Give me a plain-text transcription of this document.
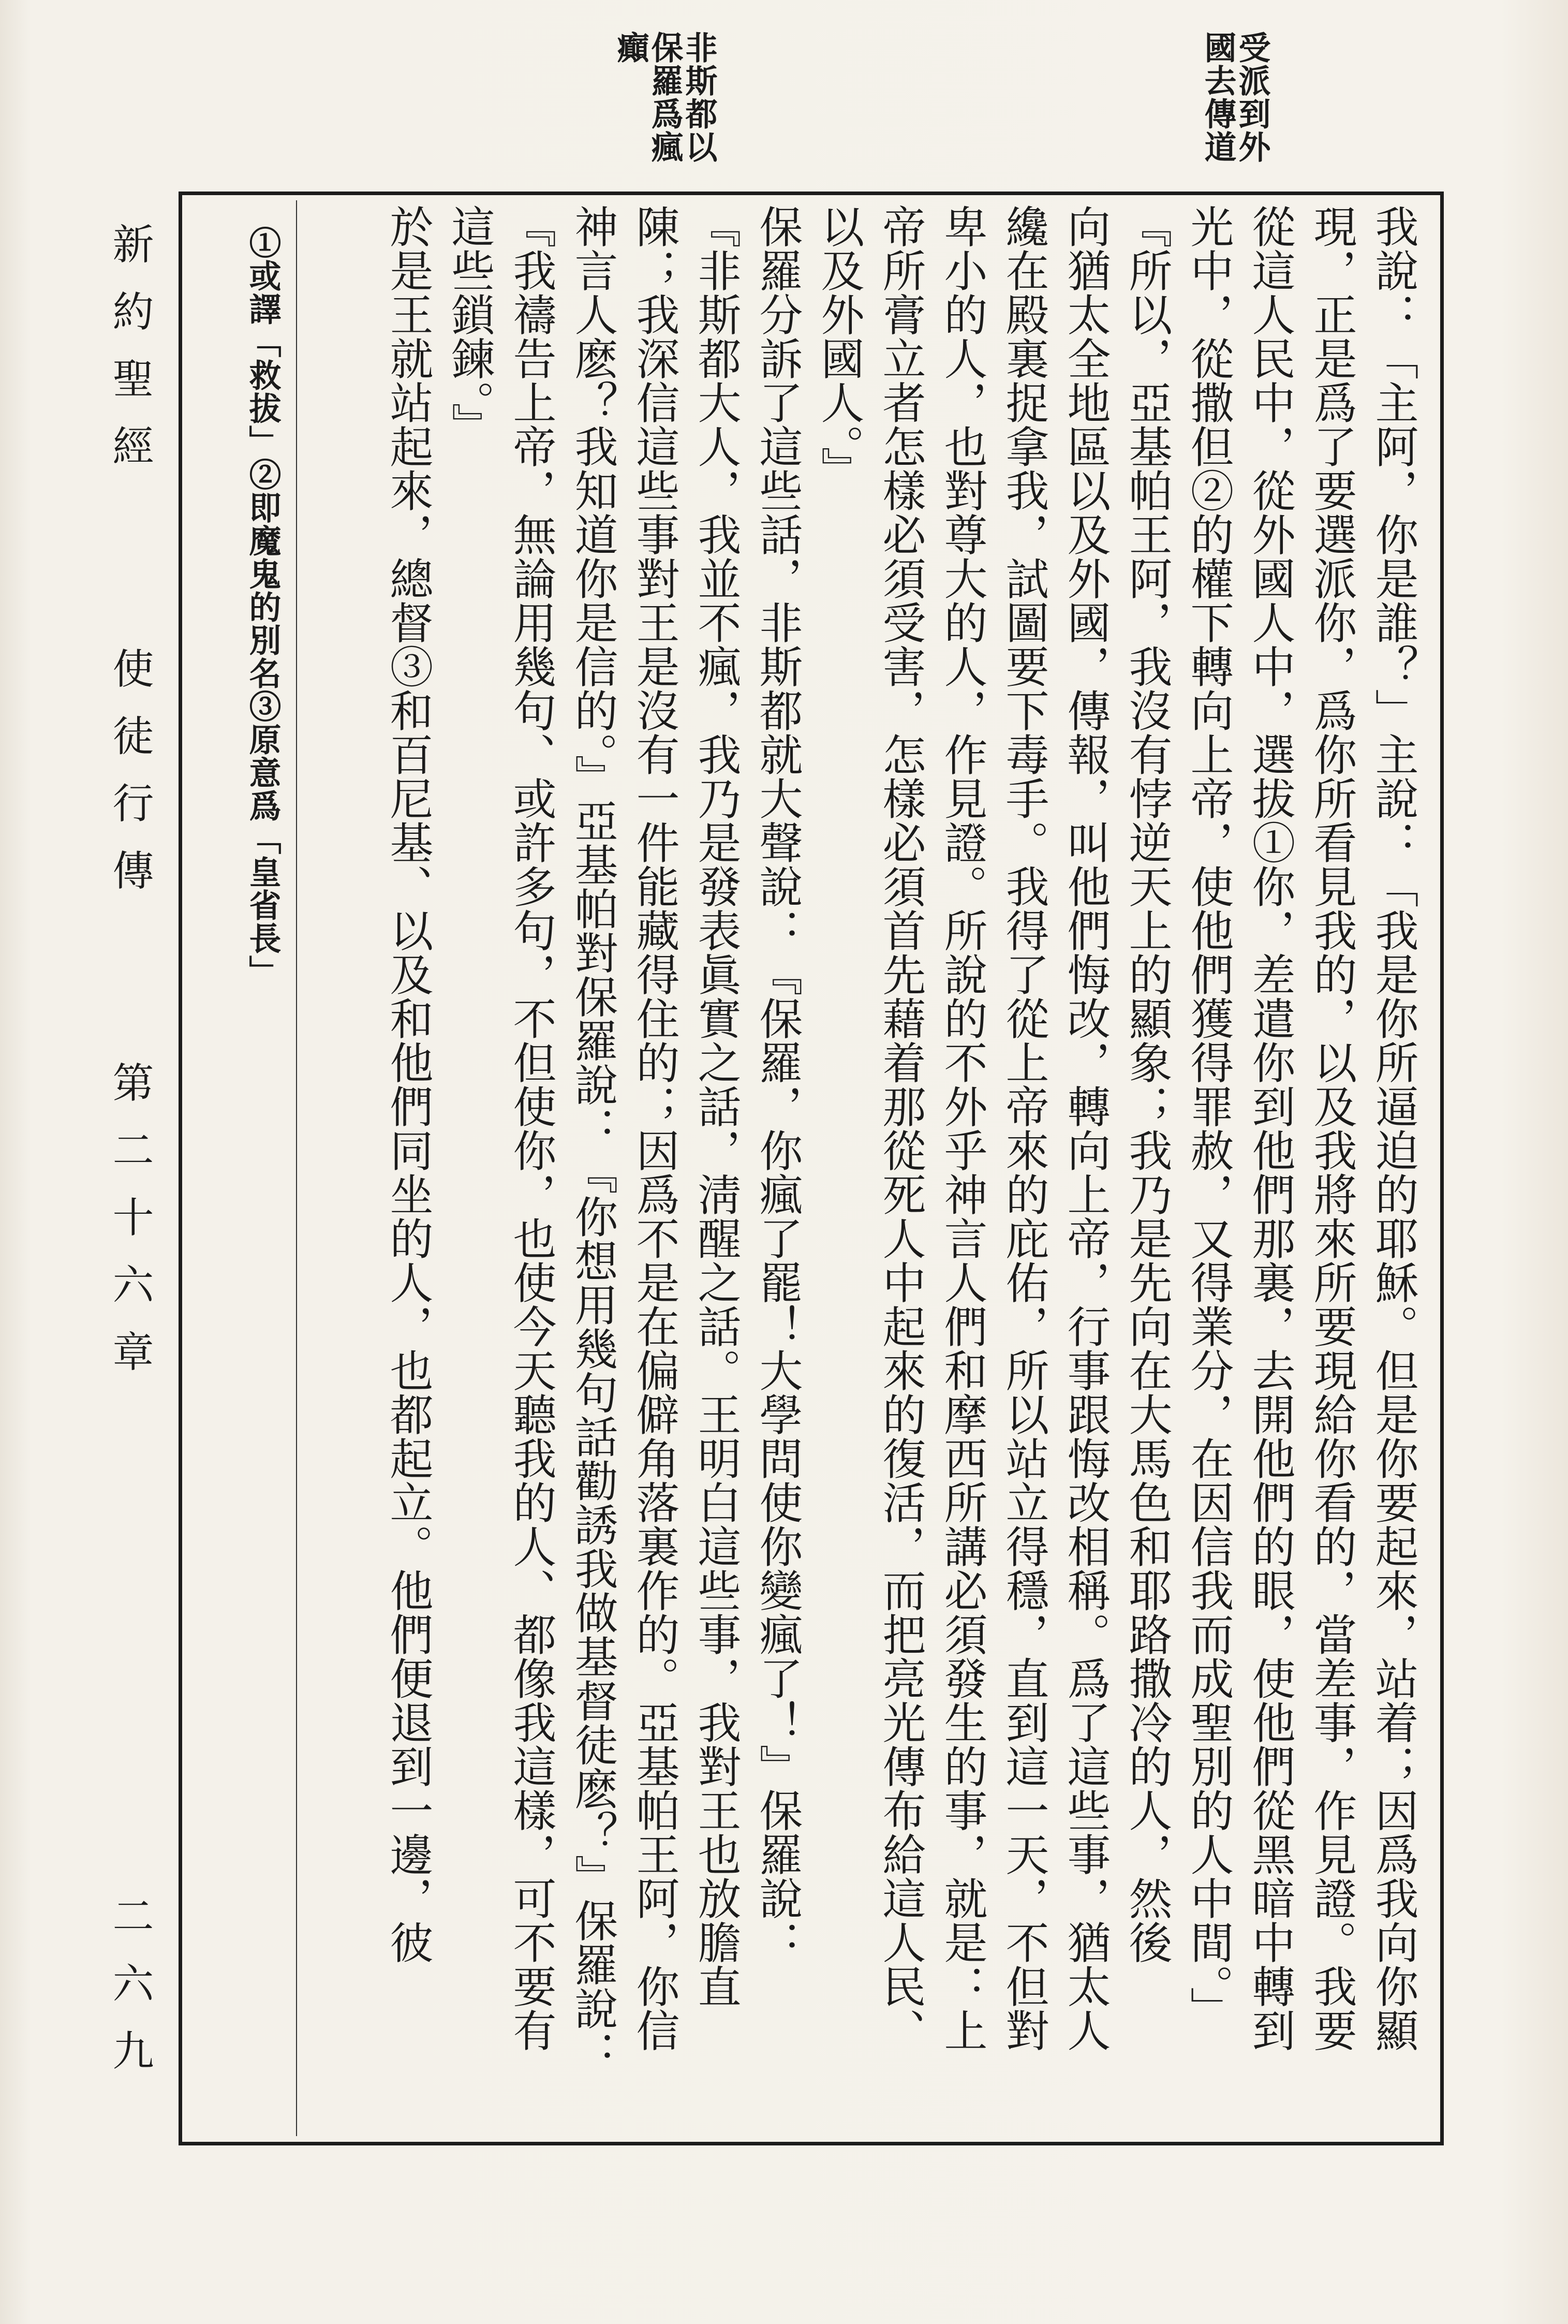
新約聖經
使徒行傳
第二十六章
二六九
受派到外
國去傳道
非斯都以
保羅爲瘋
癲
①或譯「救拔」②即魔鬼的別名③原意爲「皇省長」	我說：「主阿，你是誰？」主說：「我是你所逼迫的耶穌。但是你要起來，站着；因爲我向你顯
現，正是爲了要選派你，爲你所看見我的，以及我將來所要現給你看的，當差事，作見證。我要
從這人民中，從外國人中，選拔①你，差遣你到他們那裏，去開他們的眼，使他們從黑暗中轉到
光中，從撒但②的權下轉向上帝，使他們獲得罪赦，又得業分，在因信我而成聖別的人中間。」
『所以，亞基帕王阿，我沒有悖逆天上的顯象；我乃是先向在大馬色和耶路撒冷的人，然後
向猶太全地區以及外國，傳報，叫他們悔改，轉向上帝，行事跟悔改相稱。爲了這些事，猶太人
纔在殿裏捉拿我，試圖要下毒手。我得了從上帝來的庇佑，所以站立得穩，直到這一天，不但對
卑小的人，也對尊大的人，作見證。所說的不外乎神言人們和摩西所講必須發生的事，就是：上
帝所膏立者怎樣必須受害，怎樣必須首先藉着那從死人中起來的復活，而把亮光傳布給這人民、
以及外國人。』
保羅分訴了這些話，非斯都就大聲說：『保羅，你瘋了罷！大學問使你變瘋了！』保羅說：
『非斯都大人，我並不瘋，我乃是發表眞實之話，淸醒之話。王明白這些事，我對王也放膽直
陳；我深信這些事對王是沒有一件能藏得住的；因爲不是在偏僻角落裏作的。亞基帕王阿，你信
神言人麽？我知道你是信的。』亞基帕對保羅說：『你想用幾句話勸誘我做基督徒麽？』保羅說：
『我禱告上帝，無論用幾句、或許多句，不但使你，也使今天聽我的人、都像我這樣，可不要有
這些鎖鍊。』
於是王就站起來，總督③和百尼基、以及和他們同坐的人，也都起立。他們便退到一邊，彼
